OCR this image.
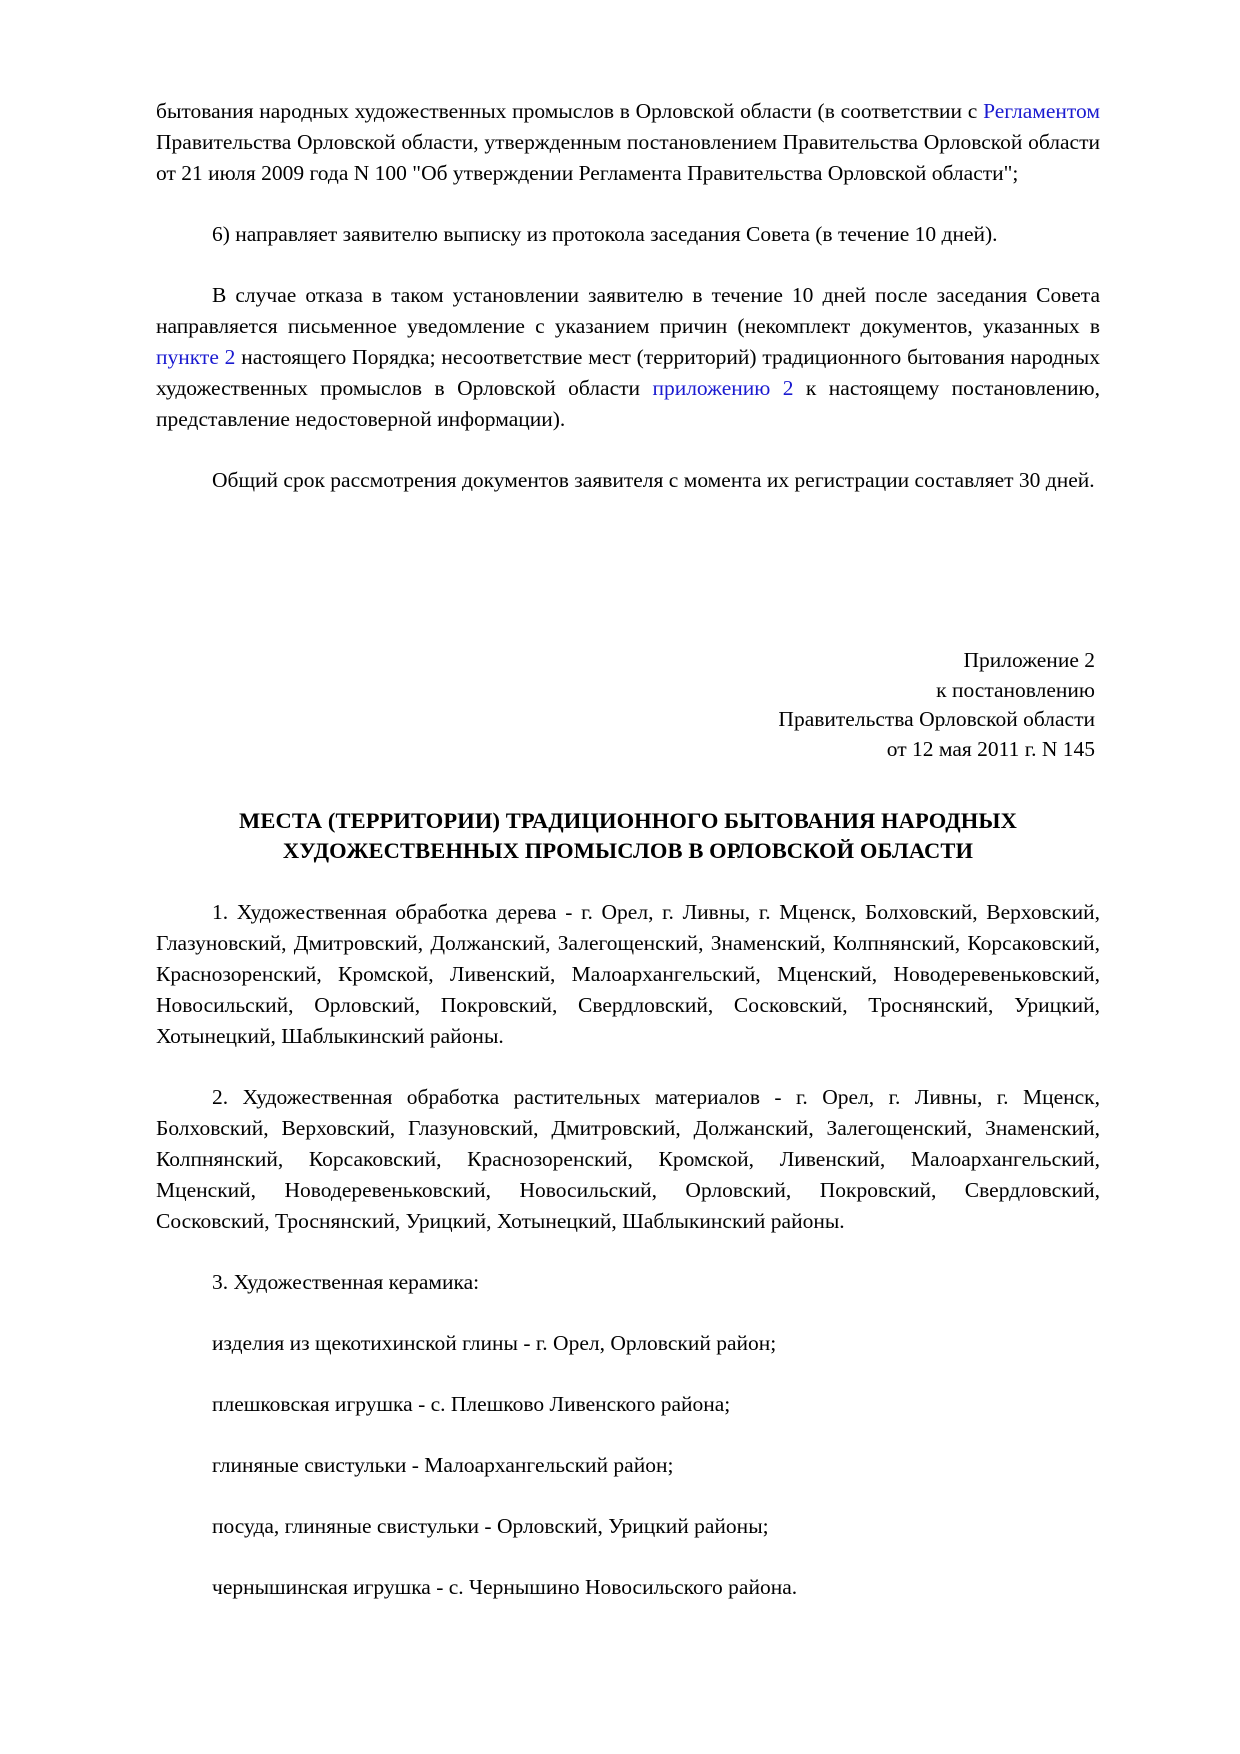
бытования народных художественных промыслов в Орловской области (в соответствии с Регламентом Правительства Орловской области, утвержденным постановлением Правительства Орловской области от 21 июля 2009 года N 100 "Об утверждении Регламента Правительства Орловской области";

6) направляет заявителю выписку из протокола заседания Совета (в течение 10 дней).

В случае отказа в таком установлении заявителю в течение 10 дней после заседания Совета направляется письменное уведомление с указанием причин (некомплект документов, указанных в пункте 2 настоящего Порядка; несоответствие мест (территорий) традиционного бытования народных художественных промыслов в Орловской области приложению 2 к настоящему постановлению, представление недостоверной информации).

Общий срок рассмотрения документов заявителя с момента их регистрации составляет 30 дней.

Приложение 2
к постановлению
Правительства Орловской области
от 12 мая 2011 г. N 145
МЕСТА (ТЕРРИТОРИИ) ТРАДИЦИОННОГО БЫТОВАНИЯ НАРОДНЫХ ХУДОЖЕСТВЕННЫХ ПРОМЫСЛОВ В ОРЛОВСКОЙ ОБЛАСТИ

1. Художественная обработка дерева - г. Орел, г. Ливны, г. Мценск, Болховский, Верховский, Глазуновский, Дмитровский, Должанский, Залегощенский, Знаменский, Колпнянский, Корсаковский, Краснозоренский, Кромской, Ливенский, Малоархангельский, Мценский, Новодеревеньковский, Новосильский, Орловский, Покровский, Свердловский, Сосковский, Троснянский, Урицкий, Хотынецкий, Шаблыкинский районы.

2. Художественная обработка растительных материалов - г. Орел, г. Ливны, г. Мценск, Болховский, Верховский, Глазуновский, Дмитровский, Должанский, Залегощенский, Знаменский, Колпнянский, Корсаковский, Краснозоренский, Кромской, Ливенский, Малоархангельский, Мценский, Новодеревеньковский, Новосильский, Орловский, Покровский, Свердловский, Сосковский, Троснянский, Урицкий, Хотынецкий, Шаблыкинский районы.

3. Художественная керамика:

изделия из щекотихинской глины - г. Орел, Орловский район;

плешковская игрушка - с. Плешково Ливенского района;

глиняные свистульки - Малоархангельский район;

посуда, глиняные свистульки - Орловский, Урицкий районы;

чернышинская игрушка - с. Чернышино Новосильского района.
